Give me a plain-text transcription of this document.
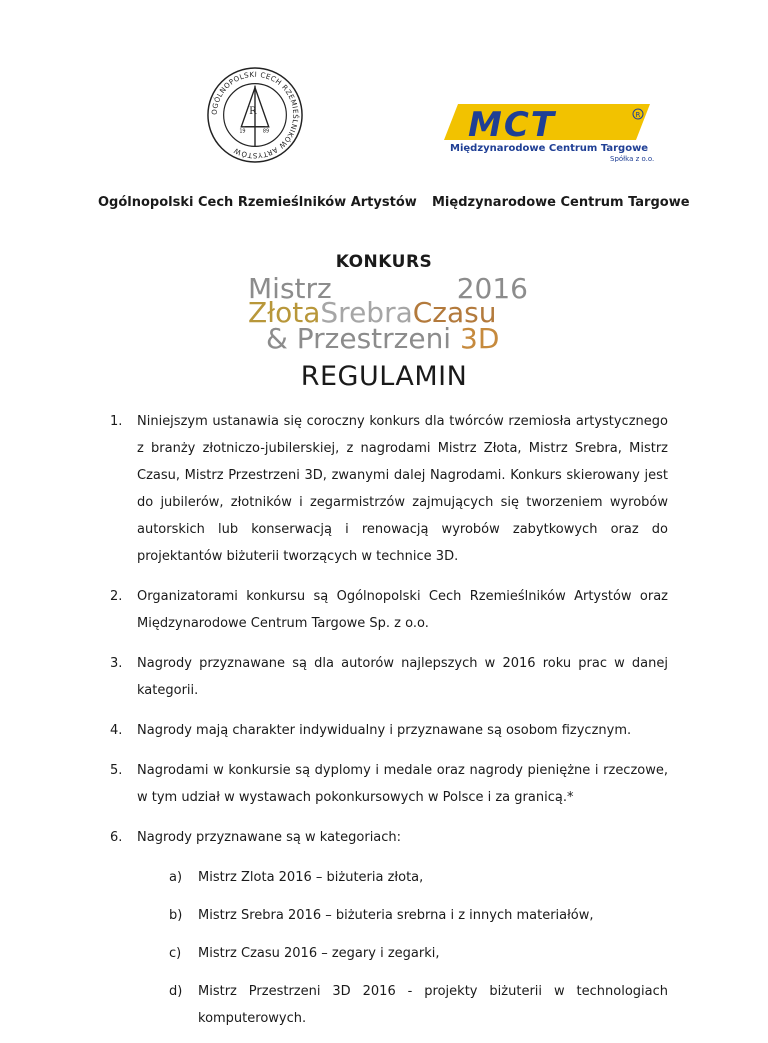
OGÓLNOPOLSKI CECH RZEMIEŚLNIKÓW ARTYSTÓW
R
19	89	MCT	R
Międzynarodowe Centrum Targowe
Spółka z o.o.
Ogólnopolski Cech Rzemieślników Artystów Międzynarodowe Centrum Targowe
KONKURS
Mistrz	2016
ZłotaSrebraCzasu
& Przestrzeni 3D
REGULAMIN
1. Niniejszym ustanawia się coroczny konkurs dla twórców rzemiosła artystycznego z branży złotniczo-jubilerskiej, z nagrodami Mistrz Złota, Mistrz Srebra, Mistrz Czasu, Mistrz Przestrzeni 3D, zwanymi dalej Nagrodami. Konkurs skierowany jest do jubilerów, złotników i zegarmistrzów zajmujących się tworzeniem wyrobów autorskich lub konserwacją i renowacją wyrobów zabytkowych oraz do projektantów biżuterii tworzących w technice 3D.
2. Organizatorami konkursu są Ogólnopolski Cech Rzemieślników Artystów oraz Międzynarodowe Centrum Targowe Sp. z o.o.
3. Nagrody przyznawane są dla autorów najlepszych w 2016 roku prac w danej kategorii.
4. Nagrody mają charakter indywidualny i przyznawane są osobom fizycznym.
5. Nagrodami w konkursie są dyplomy i medale oraz nagrody pieniężne i rzeczowe, w tym udział w wystawach pokonkursowych w Polsce i za granicą.*
6. Nagrody przyznawane są w kategoriach:
a) Mistrz Zlota 2016 – biżuteria złota,
b) Mistrz Srebra 2016 – biżuteria srebrna i z innych materiałów,
c) Mistrz Czasu 2016 – zegary i zegarki,
d) Mistrz Przestrzeni 3D 2016 - projekty biżuterii w technologiach komputerowych.
